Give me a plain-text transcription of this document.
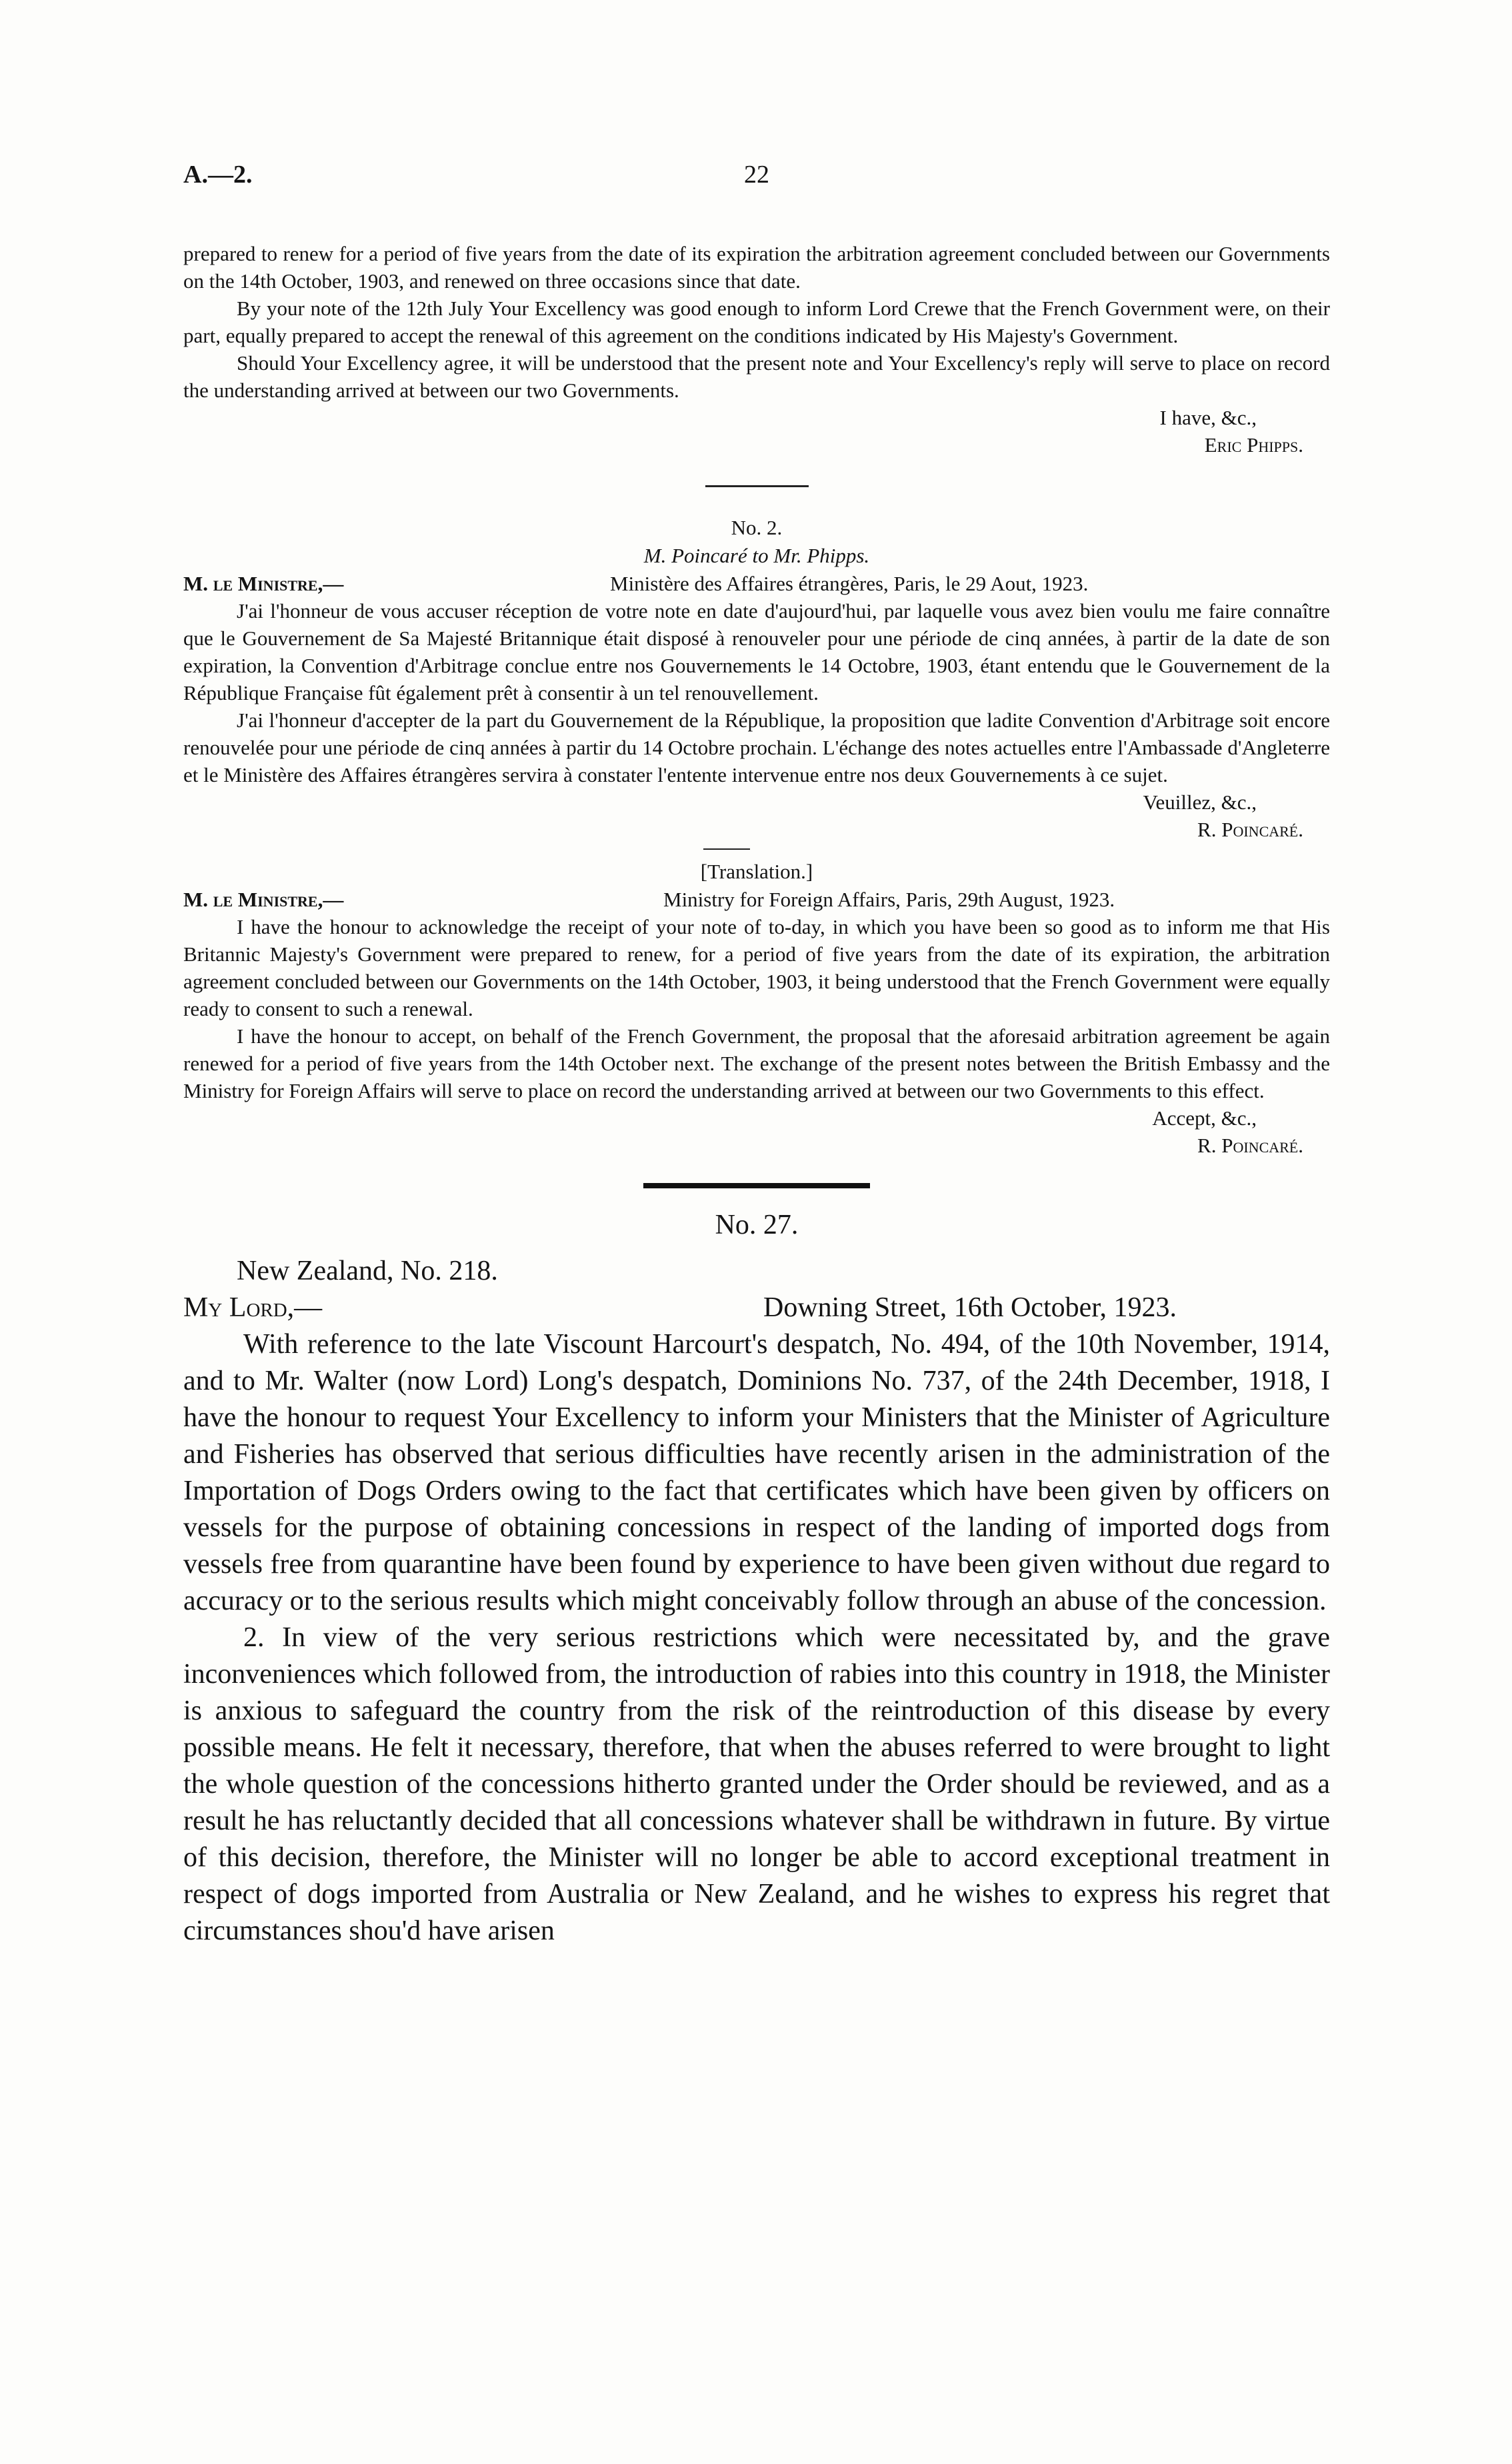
A.—2.	22

prepared to renew for a period of five years from the date of its expiration the arbitration agreement concluded between our Governments on the 14th October, 1903, and renewed on three occasions since that date.

By your note of the 12th July Your Excellency was good enough to inform Lord Crewe that the French Government were, on their part, equally prepared to accept the renewal of this agreement on the conditions indicated by His Majesty's Government.

Should Your Excellency agree, it will be understood that the present note and Your Excellency's reply will serve to place on record the understanding arrived at between our two Governments.

I have, &c.,
Eric Phipps.
No. 2.
M. Poincaré to Mr. Phipps.
M. le Ministre,—	Ministère des Affaires étrangères, Paris, le 29 Aout, 1923.

J'ai l'honneur de vous accuser réception de votre note en date d'aujourd'hui, par laquelle vous avez bien voulu me faire connaître que le Gouvernement de Sa Majesté Britannique était disposé à renouveler pour une période de cinq années, à partir de la date de son expiration, la Convention d'Arbitrage conclue entre nos Gouvernements le 14 Octobre, 1903, étant entendu que le Gouvernement de la République Française fût également prêt à consentir à un tel renouvellement.

J'ai l'honneur d'accepter de la part du Gouvernement de la République, la proposition que ladite Convention d'Arbitrage soit encore renouvelée pour une période de cinq années à partir du 14 Octobre prochain. L'échange des notes actuelles entre l'Ambassade d'Angleterre et le Ministère des Affaires étrangères servira à constater l'entente intervenue entre nos deux Gouvernements à ce sujet.

Veuillez, &c.,
R. Poincaré.
[Translation.]
M. le Ministre,—	Ministry for Foreign Affairs, Paris, 29th August, 1923.

I have the honour to acknowledge the receipt of your note of to-day, in which you have been so good as to inform me that His Britannic Majesty's Government were prepared to renew, for a period of five years from the date of its expiration, the arbitration agreement concluded between our Governments on the 14th October, 1903, it being understood that the French Government were equally ready to consent to such a renewal.

I have the honour to accept, on behalf of the French Government, the proposal that the aforesaid arbitration agreement be again renewed for a period of five years from the 14th October next. The exchange of the present notes between the British Embassy and the Ministry for Foreign Affairs will serve to place on record the understanding arrived at between our two Governments to this effect.

Accept, &c.,
R. Poincaré.
No. 27.
New Zealand, No. 218.
My Lord,—	Downing Street, 16th October, 1923.

With reference to the late Viscount Harcourt's despatch, No. 494, of the 10th November, 1914, and to Mr. Walter (now Lord) Long's despatch, Dominions No. 737, of the 24th December, 1918, I have the honour to request Your Excellency to inform your Ministers that the Minister of Agriculture and Fisheries has observed that serious difficulties have recently arisen in the administration of the Importation of Dogs Orders owing to the fact that certificates which have been given by officers on vessels for the purpose of obtaining concessions in respect of the landing of imported dogs from vessels free from quarantine have been found by experience to have been given without due regard to accuracy or to the serious results which might conceivably follow through an abuse of the concession.

2. In view of the very serious restrictions which were necessitated by, and the grave inconveniences which followed from, the introduction of rabies into this country in 1918, the Minister is anxious to safeguard the country from the risk of the reintroduction of this disease by every possible means. He felt it necessary, therefore, that when the abuses referred to were brought to light the whole question of the concessions hitherto granted under the Order should be reviewed, and as a result he has reluctantly decided that all concessions whatever shall be withdrawn in future. By virtue of this decision, therefore, the Minister will no longer be able to accord exceptional treatment in respect of dogs imported from Australia or New Zealand, and he wishes to express his regret that circumstances shou'd have arisen
